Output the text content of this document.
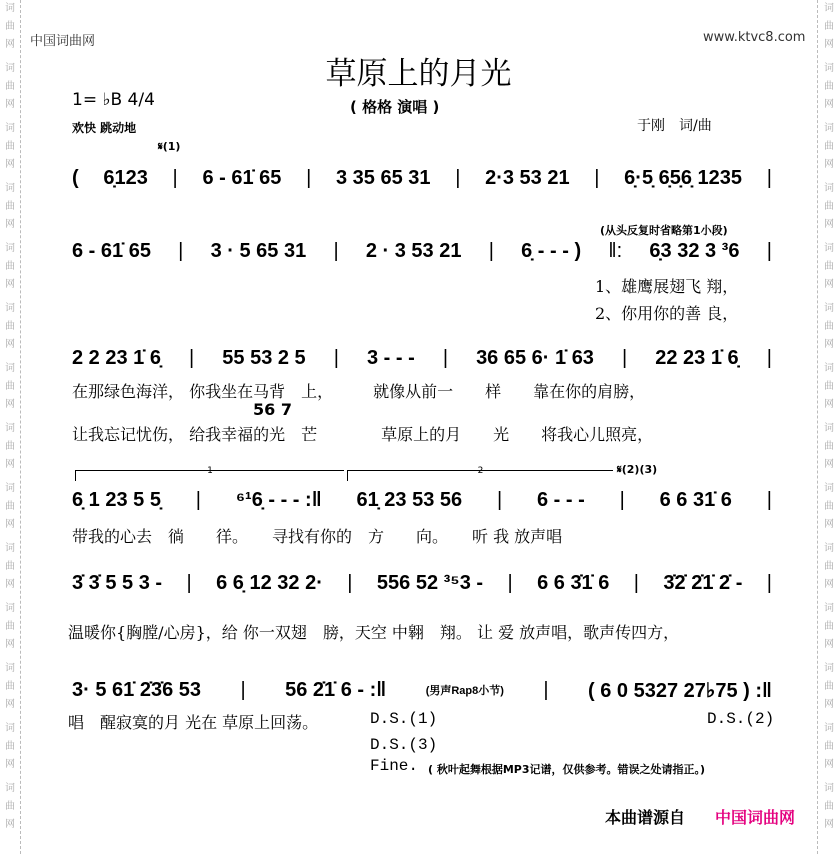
词
曲
网
词
曲
网
词
曲
网
词
曲
网
词
曲
网
词
曲
网
词
曲
网
词
曲
网
词
曲
网
词
曲
网
词
曲
网
词
曲
网
词
曲
网
词
曲
网
词
曲
网
词
曲
网
词
曲
网
词
曲
网
词
曲
网
词
曲
网
词
曲
网
词
曲
网
词
曲
网
词
曲
网
词
曲
网
词
曲
网
词
曲
网
词
曲
网
中国词曲网	www.ktvc8.com
草原上的月光
1= ♭B 4/4
欢快 跳动地
( 格格 演唱 )
于刚　词/曲
𝄋(1)
(从头反复时省略第1小段)
( 6̣123 | 6 - 61̇ 65 | 3 35 65 31 | 2·3 53 21 | 6̣·5̣ 6̣5̣6̣ 1235 |
6 - 61̇ 65 | 3 · 5 65 31 | 2 · 3 53 21 | 6̣ - - - ) ‖: 6̣3 32 3 ³6 |
2 2 23 1̇ 6̣ | 55 53 2 5 | 3 - - - | 36 65 6· 1̇ 63 | 22 23 1̇ 6̣ |
6̣ 1 23 5 5̣ | ⁶¹6̣ - - - :‖ 61̣ 23 53 56 | 6 - - - | 6 6 31̇ 6 |
3̇ 3̇ 5 5 3 - | 6 6̣ 12 32 2· | 556 52 ³⁵3 - | 6 6 3̇1̇ 6 | 3̇2̇ 2̇1̇ 2̇ - |
3· 5 61̇ 2̇3̇6 53 | 56 2̇1̇ 6 - :‖	(男声Rap8小节) | ( 6 0 5327 27♭75 ) :‖
1、雄鹰展翅飞 翔，
2、你用你的善 良，
在那绿色海洋， 你我坐在马背　上，　　　就像从前一　　样　　靠在你的肩膀，
56 7
让我忘记忧伤， 给我幸福的光　芒　　　　草原上的月　　光　　将我心儿照亮，
1	2	𝄋(2)(3)
带我的心去　徜　　徉。　　寻找有你的　方　　向。　　听 我 放声唱
温暖你{胸膛/心房}，给 你一双翅　膀，天空 中翱　翔。 让 爱 放声唱，歌声传四方，
唱　醒寂寞的月 光在 草原上回荡。	D.S.(1)	D.S.(2)
D.S.(3)
Fine. ( 秋叶起舞根据MP3记谱，仅供参考。错误之处请指正。)
本曲谱源自 中国词曲网
